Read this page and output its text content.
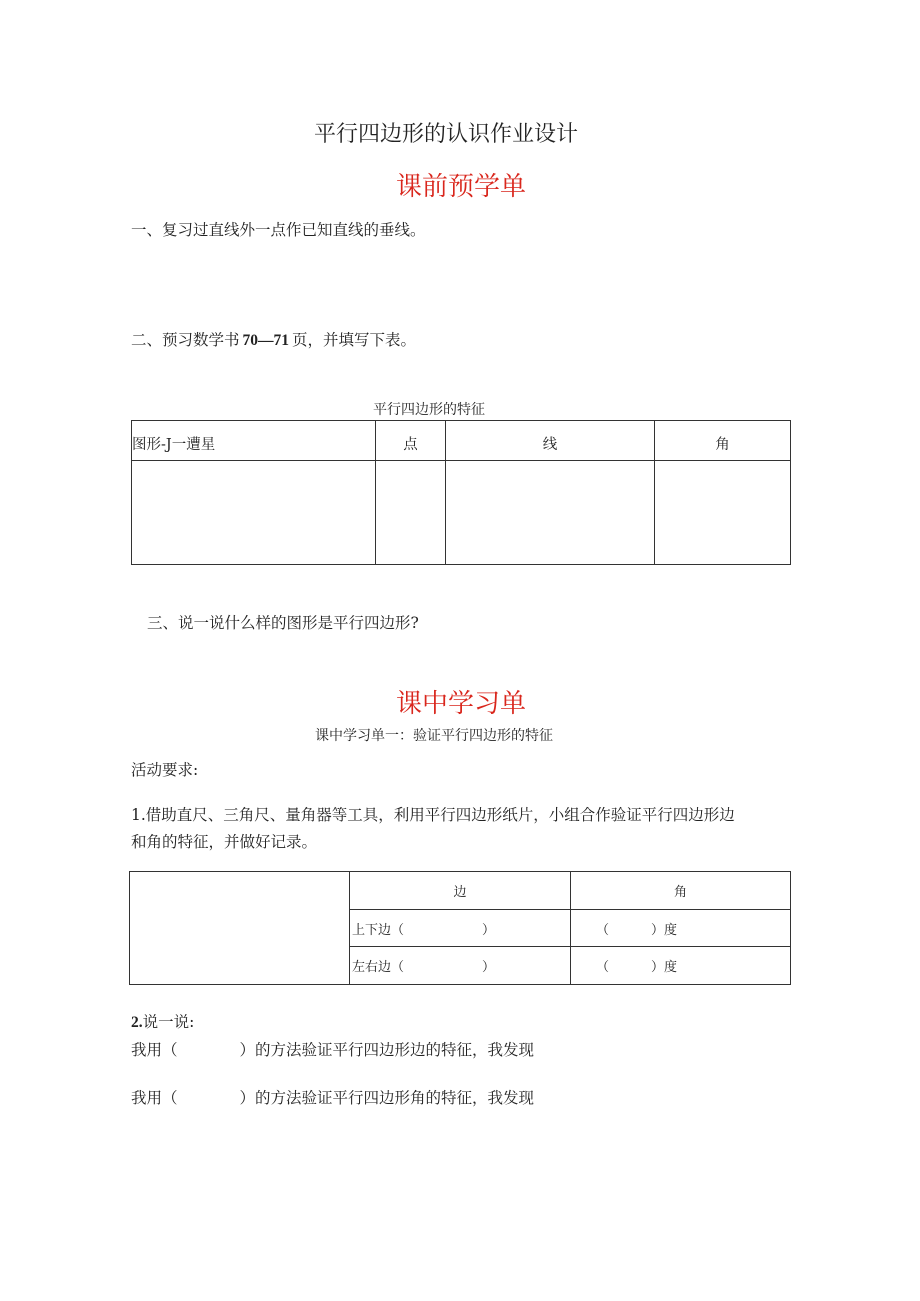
平行四边形的认识作业设计
课前预学单
一、复习过直线外一点作已知直线的垂线。
二、预习数学书 70—71 页，并填写下表。
平行四边形的特征
图形-J一遭星	点	线	角

三、说一说什么样的图形是平行四边形?
课中学习单
课中学习单一：验证平行四边形的特征
活动要求:
1.借助直尺、三角尺、量角器等工具，利用平行四边形纸片，小组合作验证平行四边形边
和角的特征，并做好记录。
	边	角
	上下边（ ）	（ ）度
	左右边（ ）	（ ）度
2.说一说:
我用（	）的方法验证平行四边形边的特征，我发现
我用（	）的方法验证平行四边形角的特征，我发现
